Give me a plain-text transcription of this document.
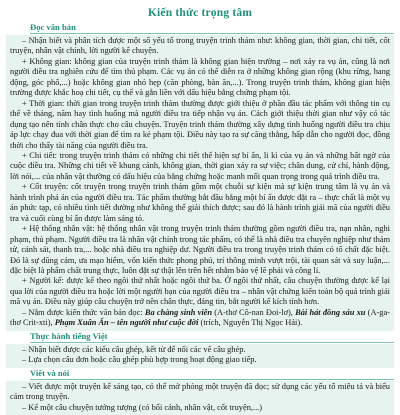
Kiến thức trọng tâm
Đọc văn bản

– Nhận biết và phân tích được một số yếu tố trong truyện trinh thám như: không gian, thời gian, chi tiết, cốt truyện, nhân vật chính, lời người kể chuyện.

+ Không gian: không gian của truyện trinh thám là không gian hiện trường – nơi xảy ra vụ án, cũng là nơi người điều tra nghiên cứu để tìm thủ phạm. Các vụ án có thể diễn ra ở những không gian rộng (khu rừng, hang động, góc phố,...) hoặc không gian nhỏ hẹp (căn phòng, bàn ăn,...). Trong truyện trinh thám, không gian hiện trường được khắc hoạ chi tiết, cụ thể và gắn liền với dấu hiệu bằng chứng phạm tội.

+ Thời gian: thời gian trong truyện trinh thám thường được giới thiệu ở phần đầu tác phẩm với thông tin cụ thể về tháng, năm hay tình huống mà người điều tra tiếp nhận vụ án. Cách giới thiệu thời gian như vậy có tác dụng tạo nên tính chân thực cho câu chuyện. Truyện trinh thám thường xây dựng tình huống người điều tra chịu áp lực chạy đua với thời gian để tìm ra kẻ phạm tội. Điều này tạo ra sự căng thẳng, hấp dẫn cho người đọc, đồng thời cho thấy tài năng của người điều tra.

+ Chi tiết: trong truyện trinh thám có những chi tiết thể hiện sự bí ẩn, li kì của vụ án và những bất ngờ của cuộc điều tra. Những chi tiết về khung cảnh, không gian, thời gian xảy ra sự việc; chân dung, cử chỉ, hành động, lời nói,... của nhân vật thường có dấu hiệu của bằng chứng hoặc manh mối quan trọng trong quá trình điều tra.

+ Cốt truyện: cốt truyện trong truyện trinh thám gồm một chuỗi sự kiện mà sự kiện trung tâm là vụ án và hành trình phá án của người điều tra. Tác phẩm thường bắt đầu bằng một bí ẩn được đặt ra – thực chất là một vụ án phức tạp, có nhiều tình tiết đường như không thể giải thích được; sau đó là hành trình giải mã của người điều tra và cuối cùng bí ẩn được làm sáng tỏ.

+ Hệ thống nhân vật: hệ thống nhân vật trong truyện trinh thám thường gồm người điều tra, nạn nhân, nghi phạm, thủ phạm. Người điều tra là nhân vật chính trong tác phẩm, có thể là nhà điều tra chuyên nghiệp như thám tử, cảnh sát, thanh tra,... hoặc nhà điều tra nghiệp dư. Người điều tra trong truyện trinh thám có tố chất đặc biệt. Đó là sự dũng cảm, ưa mạo hiểm, vốn kiến thức phong phú, trí thông minh vượt trội, tài quan sát và suy luận,... đặc biệt là phẩm chất trung thực, luôn đặt sự thật lên trên hết nhằm bảo vệ lẽ phải và công lí.

+ Người kể: được kể theo ngôi thứ nhất hoặc ngôi thứ ba. Ở ngôi thứ nhất, câu chuyện thường được kể lại qua lời của người điều tra hoặc lời một người bạn của người điều tra – nhân vật chứng kiến toàn bộ quá trình giải mã vụ án. Điều này giúp câu chuyện trở nên chân thực, đáng tin, bắt người kể kích tính hơn.

– Nắm được kiến thức văn bản đọc: Ba chàng sinh viên (A-thơ Cô-nan Đoi-lơ), Bài hát đồng sáu xu (A-ga-thơ Crit-xti), Phạm Xuân Ẩn – tên người như cuộc đời (trích, Nguyễn Thị Ngọc Hải).

Thực hành tiếng Việt

– Nhận biết được các kiểu câu ghép, kết từ để nối các vế câu ghép.

– Lựa chọn câu đơn hoặc câu ghép phù hợp trong hoạt động giao tiếp.

Viết và nói

– Viết được một truyện kể sáng tạo, có thể mở phỏng một truyện đã đọc; sử dụng các yếu tố miêu tả và biểu cảm trong truyện.

– Kể một câu chuyện tưởng tượng (có bối cảnh, nhân vật, cốt truyện,...)
